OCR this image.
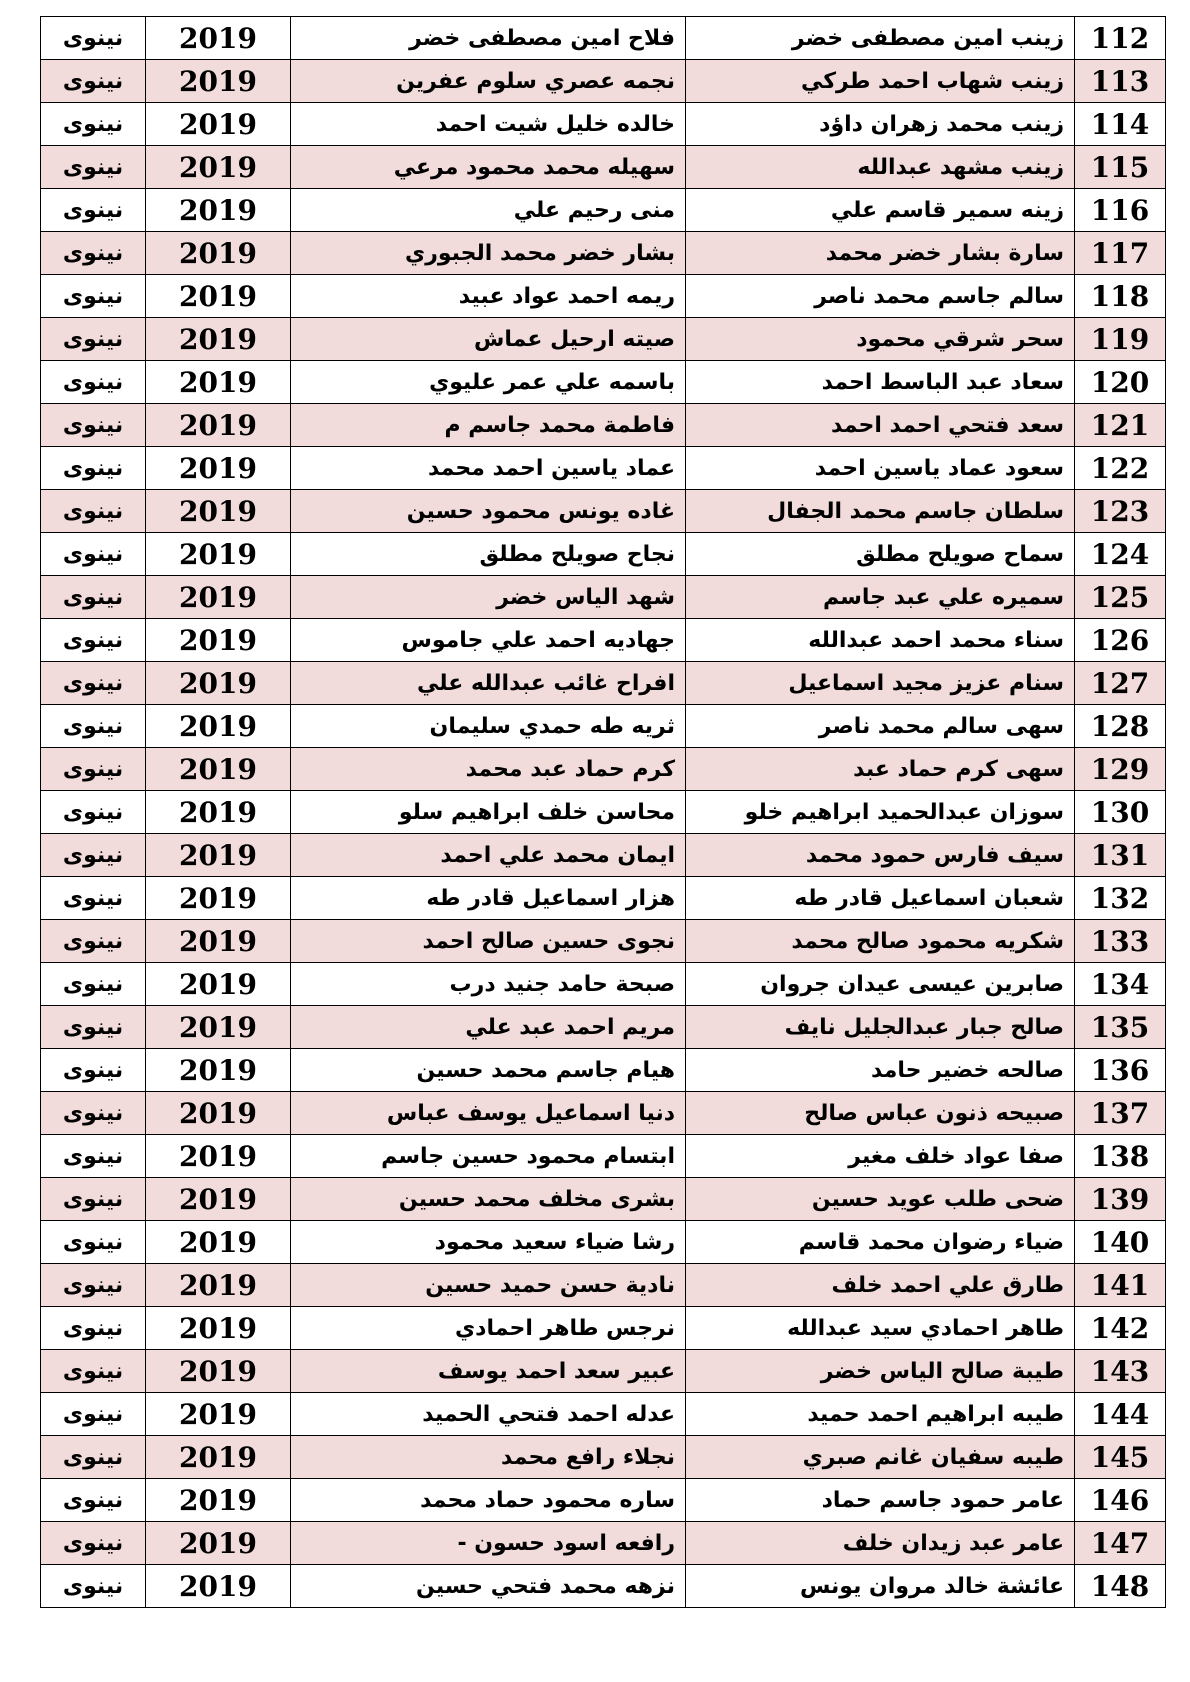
112	زينب امين مصطفى خضر	فلاح امين مصطفى خضر	2019	نينوى
113	زينب شهاب احمد طركي	نجمه عصري سلوم عفرين	2019	نينوى
114	زينب محمد زهران داؤد	خالده خليل شيت احمد	2019	نينوى
115	زينب مشهد عبدالله	سهيله محمد محمود مرعي	2019	نينوى
116	زينه سمير قاسم علي	منى رحيم علي	2019	نينوى
117	سارة بشار خضر محمد	بشار خضر محمد الجبوري	2019	نينوى
118	سالم جاسم محمد ناصر	ريمه احمد عواد عبيد	2019	نينوى
119	سحر شرقي محمود	صيته ارحيل عماش	2019	نينوى
120	سعاد عبد الباسط احمد	باسمه علي عمر عليوي	2019	نينوى
121	سعد فتحي احمد احمد	فاطمة محمد جاسم م	2019	نينوى
122	سعود عماد ياسين احمد	عماد ياسين احمد محمد	2019	نينوى
123	سلطان جاسم محمد الجفال	غاده يونس محمود حسين	2019	نينوى
124	سماح صويلح مطلق	نجاح صويلح مطلق	2019	نينوى
125	سميره علي عبد جاسم	شهد الياس خضر	2019	نينوى
126	سناء محمد احمد عبدالله	جهاديه احمد علي جاموس	2019	نينوى
127	سنام عزيز مجيد اسماعيل	افراح غائب عبدالله علي	2019	نينوى
128	سهى سالم محمد ناصر	ثريه طه حمدي سليمان	2019	نينوى
129	سهى كرم حماد عبد	كرم حماد عبد محمد	2019	نينوى
130	سوزان عبدالحميد ابراهيم خلو	محاسن خلف ابراهيم سلو	2019	نينوى
131	سيف فارس حمود محمد	ايمان محمد علي احمد	2019	نينوى
132	شعبان اسماعيل قادر طه	هزار اسماعيل قادر طه	2019	نينوى
133	شكريه محمود صالح محمد	نجوى حسين صالح احمد	2019	نينوى
134	صابرين عيسى عيدان جروان	صبحة حامد جنيد درب	2019	نينوى
135	صالح جبار عبدالجليل نايف	مريم احمد عبد علي	2019	نينوى
136	صالحه خضير حامد	هيام جاسم محمد حسين	2019	نينوى
137	صبيحه ذنون عباس صالح	دنيا اسماعيل يوسف عباس	2019	نينوى
138	صفا عواد خلف مغير	ابتسام محمود حسين جاسم	2019	نينوى
139	ضحى طلب عويد حسين	بشرى مخلف محمد حسين	2019	نينوى
140	ضياء رضوان محمد قاسم	رشا ضياء سعيد محمود	2019	نينوى
141	طارق علي احمد خلف	نادية حسن حميد حسين	2019	نينوى
142	طاهر احمادي سيد عبدالله	نرجس طاهر احمادي	2019	نينوى
143	طيبة صالح الياس خضر	عبير سعد احمد يوسف	2019	نينوى
144	طيبه ابراهيم احمد حميد	عدله احمد فتحي الحميد	2019	نينوى
145	طيبه سفيان غانم صبري	نجلاء رافع محمد	2019	نينوى
146	عامر حمود جاسم حماد	ساره محمود حماد محمد	2019	نينوى
147	عامر عبد زيدان خلف	رافعه اسود حسون -	2019	نينوى
148	عائشة خالد مروان يونس	نزهه محمد فتحي حسين	2019	نينوى
